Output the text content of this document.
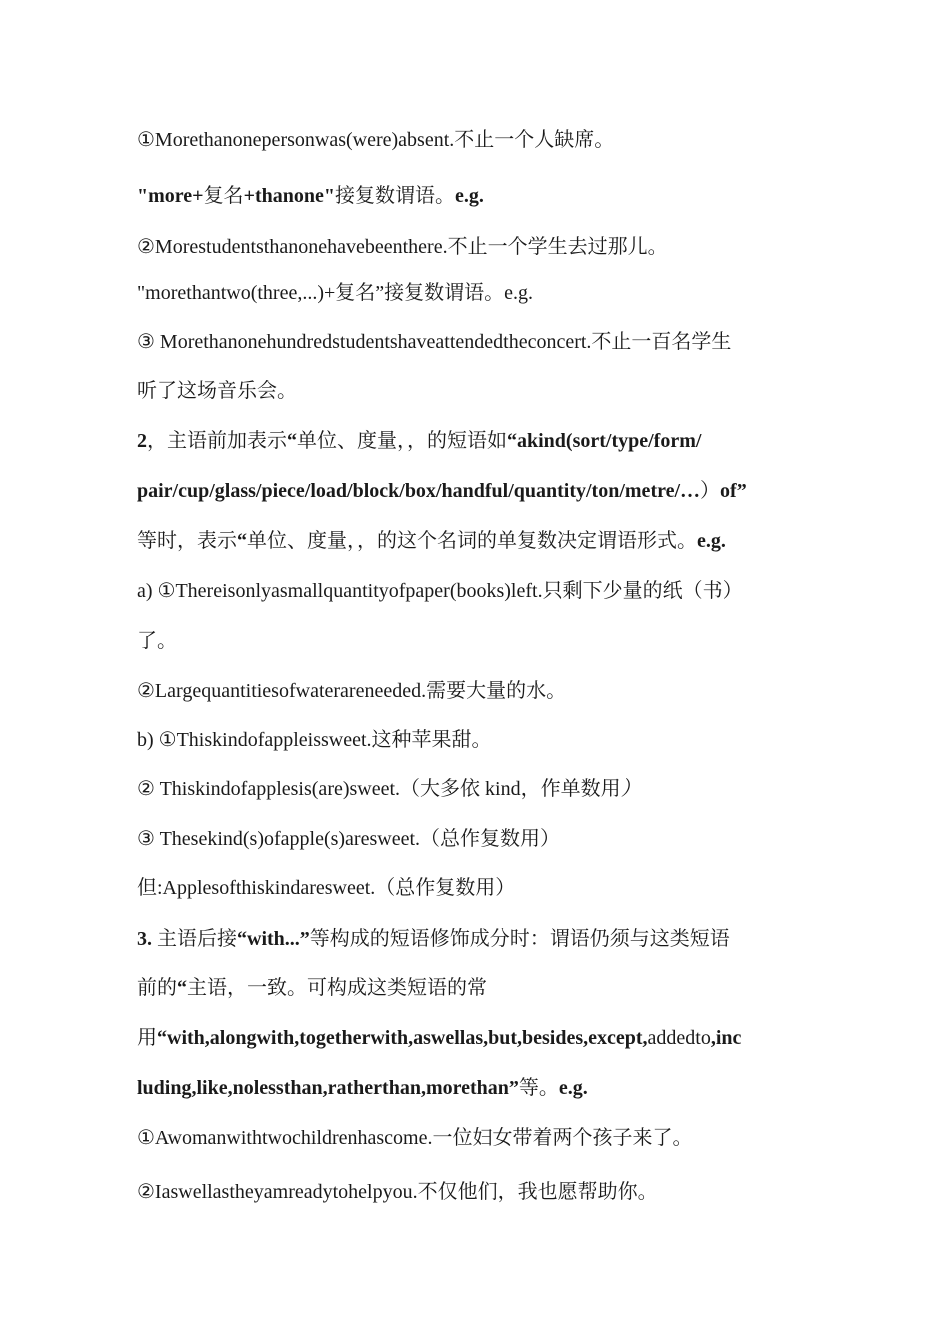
①Morethanonepersonwas(were)absent.不止一个人缺席。
"more+复名+thanone"接复数谓语。e.g.
②Morestudentsthanonehavebeenthere.不止一个学生去过那儿。
"morethantwo(three,...)+复名”接复数谓语。e.g.
③ Morethanonehundredstudentshaveattendedtheconcert.不止一百名学生
听了这场音乐会。
2，主语前加表示“单位、度量，，的短语如“akind(sort/type/form/
pair/cup/glass/piece/load/block/box/handful/quantity/ton/metre/…）of”
等时，表示“单位、度量，，的这个名词的单复数决定谓语形式。e.g.
a) ①Thereisonlyasmallquantityofpaper(books)left.只剩下少量的纸（书）
了。
②Largequantitiesofwaterareneeded.需要大量的水。
b) ①Thiskindofappleissweet.这种苹果甜。
② Thiskindofapplesis(are)sweet.（大多依 kind，作单数用）
③ Thesekind(s)ofapple(s)aresweet.（总作复数用）
但:Applesofthiskindaresweet.（总作复数用）
3. 主语后接“with...”等构成的短语修饰成分时：谓语仍须与这类短语
前的“主语，一致。可构成这类短语的常
用“with,alongwith,togetherwith,aswellas,but,besides,except,addedto,inc
luding,like,nolessthan,ratherthan,morethan”等。e.g.
①Awomanwithtwochildrenhascome.一位妇女带着两个孩子来了。
②Iaswellastheyamreadytohelpyou.不仅他们，我也愿帮助你。
